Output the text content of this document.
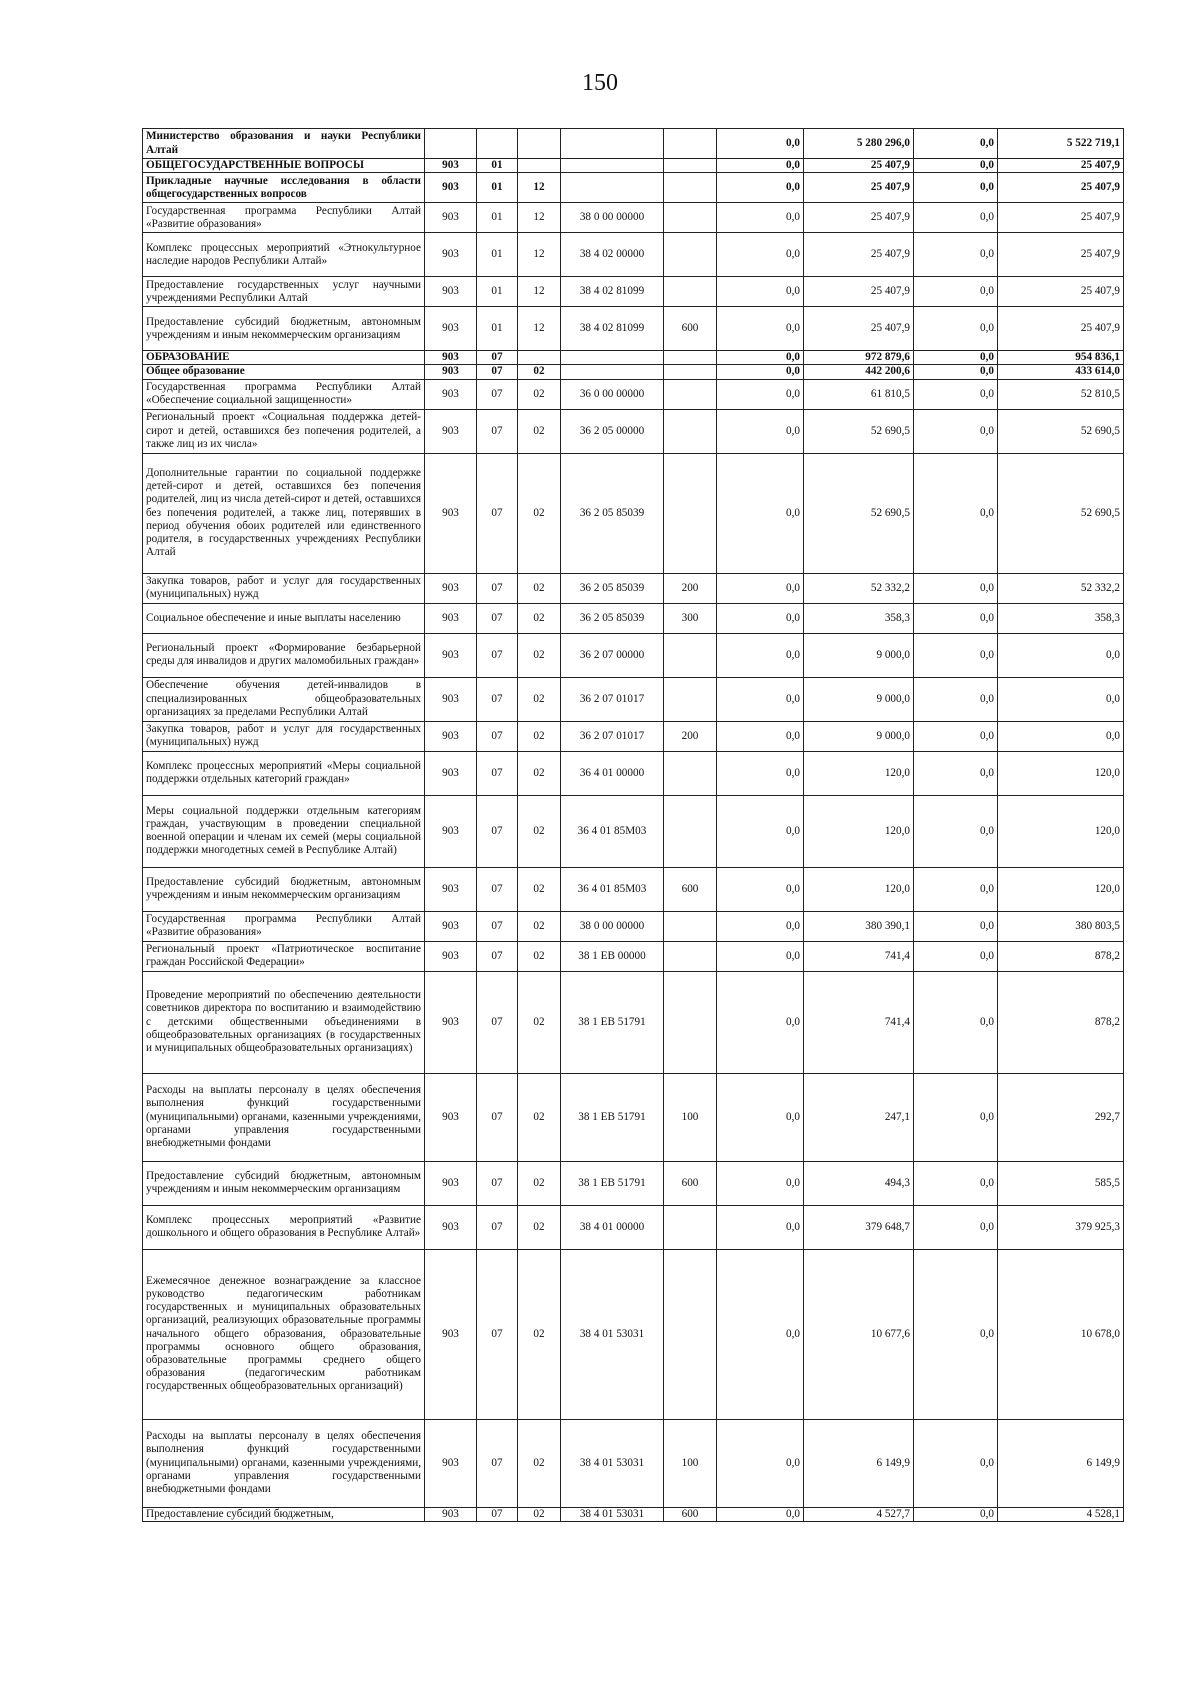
150
Министерство образования и науки Республики Алтай						0,0	5 280 296,0	0,0	5 522 719,1
ОБЩЕГОСУДАРСТВЕННЫЕ ВОПРОСЫ	903	01				0,0	25 407,9	0,0	25 407,9
Прикладные научные исследования в области общегосударственных вопросов	903	01	12			0,0	25 407,9	0,0	25 407,9
Государственная программа Республики Алтай «Развитие образования»	903	01	12	38 0 00 00000		0,0	25 407,9	0,0	25 407,9
Комплекс процессных мероприятий «Этнокультурное наследие народов Республики Алтай»	903	01	12	38 4 02 00000		0,0	25 407,9	0,0	25 407,9
Предоставление государственных услуг научными учреждениями Республики Алтай	903	01	12	38 4 02 81099		0,0	25 407,9	0,0	25 407,9
Предоставление субсидий бюджетным, автономным учреждениям и иным некоммерческим организациям	903	01	12	38 4 02 81099	600	0,0	25 407,9	0,0	25 407,9
ОБРАЗОВАНИЕ	903	07				0,0	972 879,6	0,0	954 836,1
Общее образование	903	07	02			0,0	442 200,6	0,0	433 614,0
Государственная программа Республики Алтай «Обеспечение социальной защищенности»	903	07	02	36 0 00 00000		0,0	61 810,5	0,0	52 810,5
Региональный проект «Социальная поддержка детей-сирот и детей, оставшихся без попечения родителей, а также лиц из их числа»	903	07	02	36 2 05 00000		0,0	52 690,5	0,0	52 690,5
Дополнительные гарантии по социальной поддержке детей-сирот и детей, оставшихся без попечения родителей, лиц из числа детей-сирот и детей, оставшихся без попечения родителей, а также лиц, потерявших в период обучения обоих родителей или единственного родителя, в государственных учреждениях Республики Алтай	903	07	02	36 2 05 85039		0,0	52 690,5	0,0	52 690,5
Закупка товаров, работ и услуг для государственных (муниципальных) нужд	903	07	02	36 2 05 85039	200	0,0	52 332,2	0,0	52 332,2
Социальное обеспечение и иные выплаты населению	903	07	02	36 2 05 85039	300	0,0	358,3	0,0	358,3
Региональный проект «Формирование безбарьерной среды для инвалидов и других маломобильных граждан»	903	07	02	36 2 07 00000		0,0	9 000,0	0,0	0,0
Обеспечение обучения детей-инвалидов в специализированных общеобразовательных организациях за пределами Республики Алтай	903	07	02	36 2 07 01017		0,0	9 000,0	0,0	0,0
Закупка товаров, работ и услуг для государственных (муниципальных) нужд	903	07	02	36 2 07 01017	200	0,0	9 000,0	0,0	0,0
Комплекс процессных мероприятий «Меры социальной поддержки отдельных категорий граждан»	903	07	02	36 4 01 00000		0,0	120,0	0,0	120,0
Меры социальной поддержки отдельным категориям граждан, участвующим в проведении специальной военной операции и членам их семей (меры социальной поддержки многодетных семей в Республике Алтай)	903	07	02	36 4 01 85М03		0,0	120,0	0,0	120,0
Предоставление субсидий бюджетным, автономным учреждениям и иным некоммерческим организациям	903	07	02	36 4 01 85М03	600	0,0	120,0	0,0	120,0
Государственная программа Республики Алтай «Развитие образования»	903	07	02	38 0 00 00000		0,0	380 390,1	0,0	380 803,5
Региональный проект «Патриотическое воспитание граждан Российской Федерации»	903	07	02	38 1 ЕВ 00000		0,0	741,4	0,0	878,2
Проведение мероприятий по обеспечению деятельности советников директора по воспитанию и взаимодействию с детскими общественными объединениями в общеобразовательных организациях (в государственных и муниципальных общеобразовательных организациях)	903	07	02	38 1 ЕВ 51791		0,0	741,4	0,0	878,2
Расходы на выплаты персоналу в целях обеспечения выполнения функций государственными (муниципальными) органами, казенными учреждениями, органами управления государственными внебюджетными фондами	903	07	02	38 1 ЕВ 51791	100	0,0	247,1	0,0	292,7
Предоставление субсидий бюджетным, автономным учреждениям и иным некоммерческим организациям	903	07	02	38 1 ЕВ 51791	600	0,0	494,3	0,0	585,5
Комплекс процессных мероприятий «Развитие дошкольного и общего образования в Республике Алтай»	903	07	02	38 4 01 00000		0,0	379 648,7	0,0	379 925,3
Ежемесячное денежное вознаграждение за классное руководство педагогическим работникам государственных и муниципальных образовательных организаций, реализующих образовательные программы начального общего образования, образовательные программы основного общего образования, образовательные программы среднего общего образования (педагогическим работникам государственных общеобразовательных организаций)	903	07	02	38 4 01 53031		0,0	10 677,6	0,0	10 678,0
Расходы на выплаты персоналу в целях обеспечения выполнения функций государственными (муниципальными) органами, казенными учреждениями, органами управления государственными внебюджетными фондами	903	07	02	38 4 01 53031	100	0,0	6 149,9	0,0	6 149,9
Предоставление субсидий бюджетным,	903	07	02	38 4 01 53031	600	0,0	4 527,7	0,0	4 528,1
